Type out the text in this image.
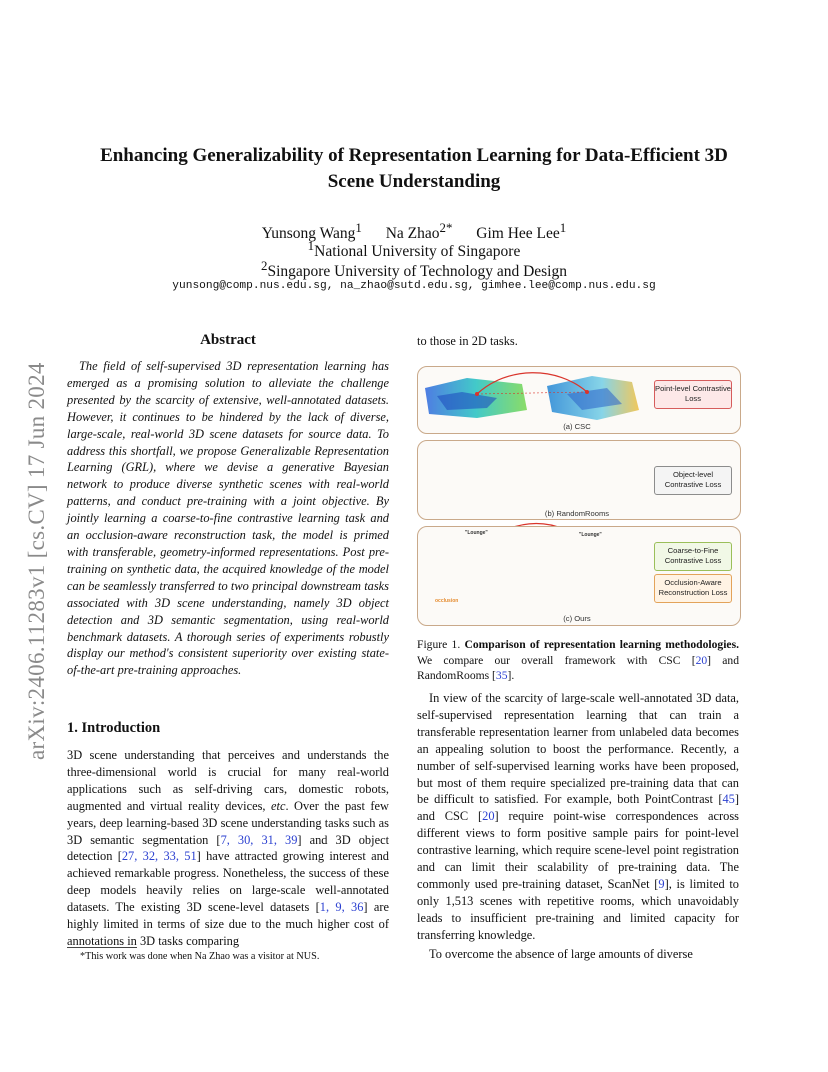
arXiv:2406.11283v1 [cs.CV] 17 Jun 2024
Enhancing Generalizability of Representation Learning for Data-Efficient 3D
Scene Understanding
Yunsong Wang$^1$ Na Zhao$^{2*}$ Gim Hee Lee$^1$
$^1$National University of Singapore
$^2$Singapore University of Technology and Design
yunsong@comp.nus.edu.sg, na_zhao@sutd.edu.sg, gimhee.lee@comp.nus.edu.sg
Abstract
The field of self-supervised 3D representation learning has emerged as a promising solution to alleviate the challenge presented by the scarcity of extensive, well-annotated datasets. However, it continues to be hindered by the lack of diverse, large-scale, real-world 3D scene datasets for source data. To address this shortfall, we propose Generalizable Representation Learning (GRL), where we devise a generative Bayesian network to produce diverse synthetic scenes with real-world patterns, and conduct pre-training with a joint objective. By jointly learning a coarse-to-fine contrastive learning task and an occlusion-aware reconstruction task, the model is primed with transferable, geometry-informed representations. Post pre-training on synthetic data, the acquired knowledge of the model can be seamlessly transferred to two principal downstream tasks associated with 3D scene understanding, namely 3D object detection and 3D semantic segmentation, using real-world benchmark datasets. A thorough series of experiments robustly display our method's consistent superiority over existing state-of-the-art pre-training approaches.
1. Introduction
3D scene understanding that perceives and understands the three-dimensional world is crucial for many real-world applications such as self-driving cars, domestic robots, augmented and virtual reality devices, etc. Over the past few years, deep learning-based 3D scene understanding tasks such as 3D semantic segmentation [7, 30, 31, 39] and 3D object detection [27, 32, 33, 51] have attracted growing interest and achieved remarkable progress. Nonetheless, the success of these deep models heavily relies on large-scale well-annotated datasets. The existing 3D scene-level datasets [1, 9, 36] are highly limited in terms of size due to the much higher cost of annotations in 3D tasks comparing
*This work was done when Na Zhao was a visitor at NUS.
to those in 2D tasks.
(a) CSC
Point-level Contrastive Loss
(b) RandomRooms
Object-level Contrastive Loss
"Lounge"	"Lounge"
occlusion
(c) Ours
Coarse-to-Fine Contrastive Loss
Occlusion-Aware Reconstruction Loss
Figure 1. Comparison of representation learning methodologies. We compare our overall framework with CSC [20] and RandomRooms [35].
In view of the scarcity of large-scale well-annotated 3D data, self-supervised representation learning that can train a transferable representation learner from unlabeled data becomes an appealing solution to boost the performance. Recently, a number of self-supervised learning works have been proposed, but most of them require specialized pre-training data that can be difficult to satisfied. For example, both PointContrast [45] and CSC [20] require point-wise correspondences across different views to form positive sample pairs for point-level contrastive learning, which require scene-level point registration and can limit their scalability of pre-training data. The commonly used pre-training dataset, ScanNet [9], is limited to only 1,513 scenes with repetitive rooms, which unavoidably leads to insufficient pre-training and limited capacity for transferring knowledge.
To overcome the absence of large amounts of diverse
